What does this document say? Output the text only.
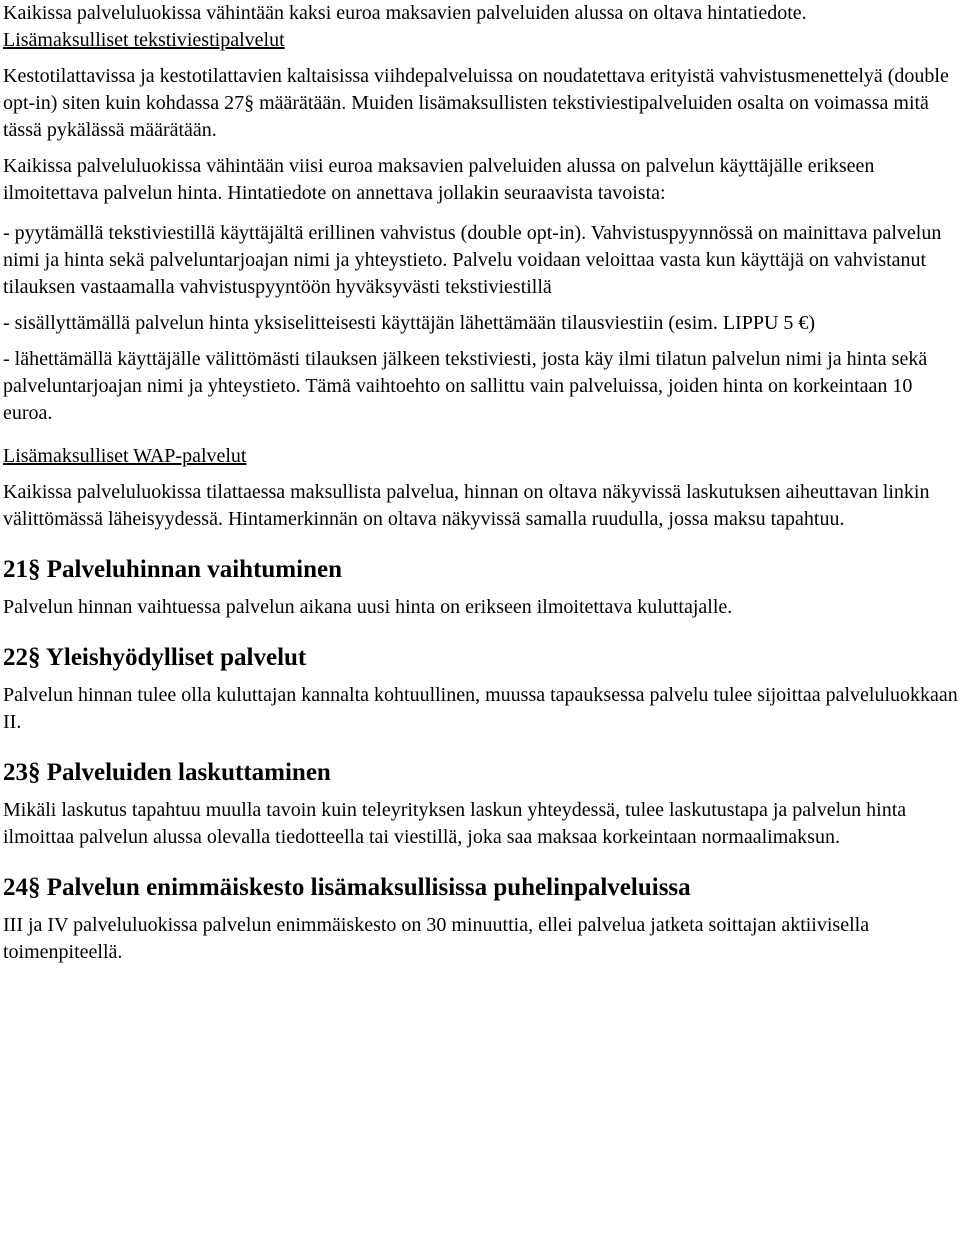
Kaikissa palveluluokissa vähintään kaksi euroa maksavien palveluiden alussa on oltava hintatiedote.

Lisämaksulliset tekstiviestipalvelut

Kestotilattavissa ja kestotilattavien kaltaisissa viihdepalveluissa on noudatettava erityistä vahvistusmenettelyä (double opt-in) siten kuin kohdassa 27§ määrätään. Muiden lisämaksullisten tekstiviestipalveluiden osalta on voimassa mitä tässä pykälässä määrätään.

Kaikissa palveluluokissa vähintään viisi euroa maksavien palveluiden alussa on palvelun käyttäjälle erikseen ilmoitettava palvelun hinta. Hintatiedote on annettava jollakin seuraavista tavoista:

- pyytämällä tekstiviestillä käyttäjältä erillinen vahvistus (double opt-in). Vahvistuspyynnössä on mainittava palvelun nimi ja hinta sekä palveluntarjoajan nimi ja yhteystieto. Palvelu voidaan veloittaa vasta kun käyttäjä on vahvistanut tilauksen vastaamalla vahvistuspyyntöön hyväksyvästi tekstiviestillä

- sisällyttämällä palvelun hinta yksiselitteisesti käyttäjän lähettämään tilausviestiin (esim. LIPPU 5 €)

- lähettämällä käyttäjälle välittömästi tilauksen jälkeen tekstiviesti, josta käy ilmi tilatun palvelun nimi ja hinta sekä palveluntarjoajan nimi ja yhteystieto. Tämä vaihtoehto on sallittu vain palveluissa, joiden hinta on korkeintaan 10 euroa.

Lisämaksulliset WAP-palvelut

Kaikissa palveluluokissa tilattaessa maksullista palvelua, hinnan on oltava näkyvissä laskutuksen aiheuttavan linkin välittömässä läheisyydessä. Hintamerkinnän on oltava näkyvissä samalla ruudulla, jossa maksu tapahtuu.

21§ Palveluhinnan vaihtuminen

Palvelun hinnan vaihtuessa palvelun aikana uusi hinta on erikseen ilmoitettava kuluttajalle.

22§ Yleishyödylliset palvelut

Palvelun hinnan tulee olla kuluttajan kannalta kohtuullinen, muussa tapauksessa palvelu tulee sijoittaa palveluluokkaan II.

23§ Palveluiden laskuttaminen

Mikäli laskutus tapahtuu muulla tavoin kuin teleyrityksen laskun yhteydessä, tulee laskutustapa ja palvelun hinta ilmoittaa palvelun alussa olevalla tiedotteella tai viestillä, joka saa maksaa korkeintaan normaalimaksun.

24§ Palvelun enimmäiskesto lisämaksullisissa puhelinpalveluissa

III ja IV palveluluokissa palvelun enimmäiskesto on 30 minuuttia, ellei palvelua jatketa soittajan aktiivisella toimenpiteellä.
